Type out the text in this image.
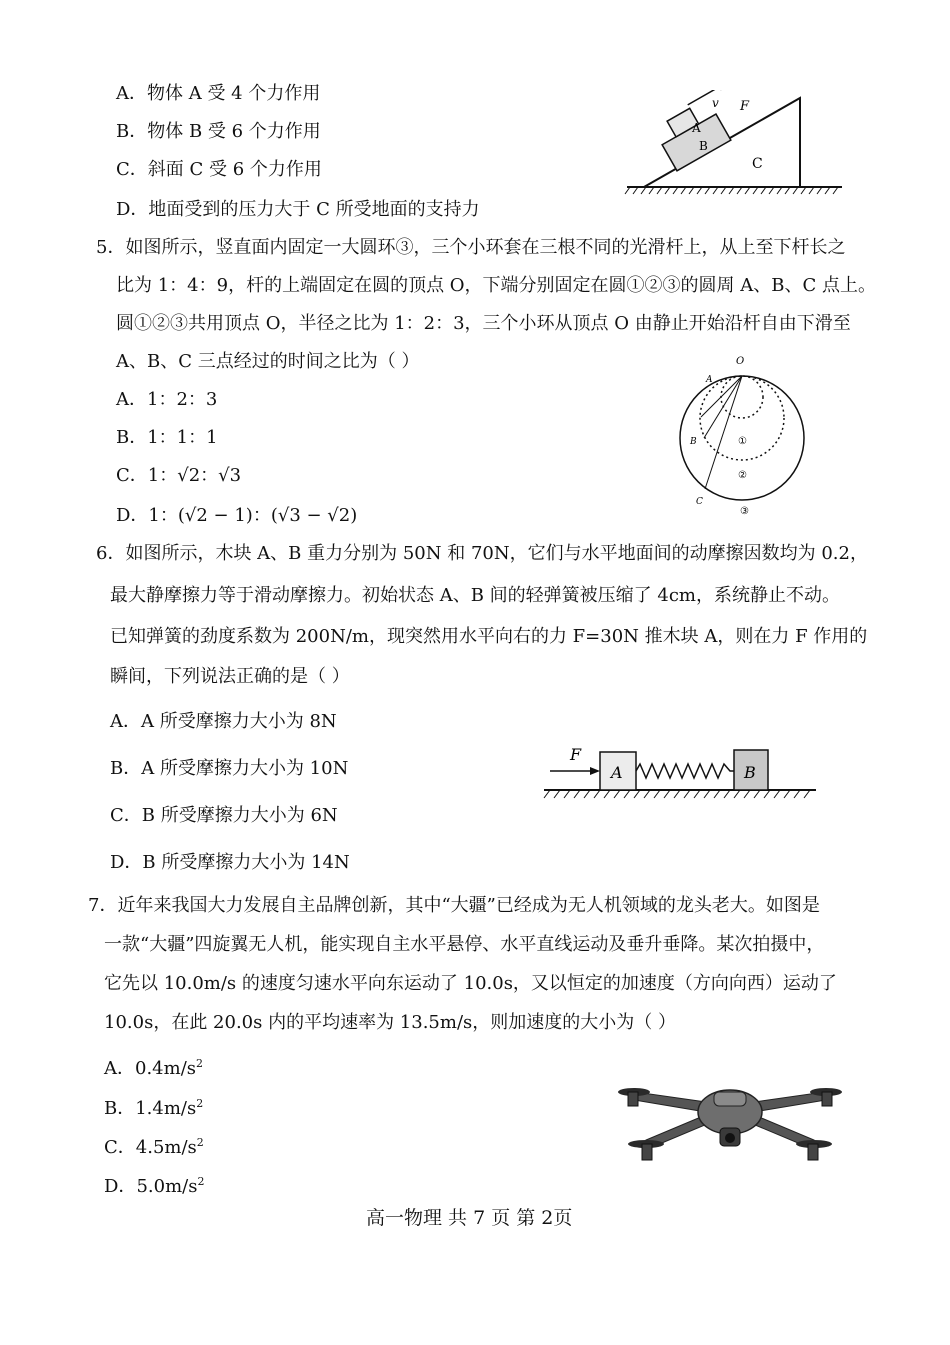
A．物体 A 受 4 个力作用
B．物体 B 受 6 个力作用
C．斜面 C 受 6 个力作用
D．地面受到的压力大于 C 所受地面的支持力
v F
A
B
C
5．如图所示，竖直面内固定一大圆环③，三个小环套在三根不同的光滑杆上，从上至下杆长之
比为 1：4：9，杆的上端固定在圆的顶点 O，下端分别固定在圆①②③的圆周 A、B、C 点上。
圆①②③共用顶点 O，半径之比为 1：2：3，三个小环从顶点 O 由静止开始沿杆自由下滑至
A、B、C 三点经过的时间之比为（ ）
A．1：2：3
B．1：1：1
C．1：√2：√3
D．1：(√2 − 1)：(√3 − √2)
O
A
B
C
①
②
③
6．如图所示，木块 A、B 重力分别为 50N 和 70N，它们与水平地面间的动摩擦因数均为 0.2，
最大静摩擦力等于滑动摩擦力。初始状态 A、B 间的轻弹簧被压缩了 4cm，系统静止不动。
已知弹簧的劲度系数为 200N/m，现突然用水平向右的力 F=30N 推木块 A，则在力 F 作用的
瞬间，下列说法正确的是（ ）
A．A 所受摩擦力大小为 8N
B．A 所受摩擦力大小为 10N
C．B 所受摩擦力大小为 6N
D．B 所受摩擦力大小为 14N
F
A	B
7．近年来我国大力发展自主品牌创新，其中“大疆”已经成为无人机领域的龙头老大。如图是
一款“大疆”四旋翼无人机，能实现自主水平悬停、水平直线运动及垂升垂降。某次拍摄中，
它先以 10.0m/s 的速度匀速水平向东运动了 10.0s，又以恒定的加速度（方向向西）运动了
10.0s，在此 20.0s 内的平均速率为 13.5m/s，则加速度的大小为（ ）
A．$0.4m/s^2$
B．$1.4m/s^2$
C．$4.5m/s^2$
D．$5.0m/s^2$
高一物理 共 7 页 第 2页
